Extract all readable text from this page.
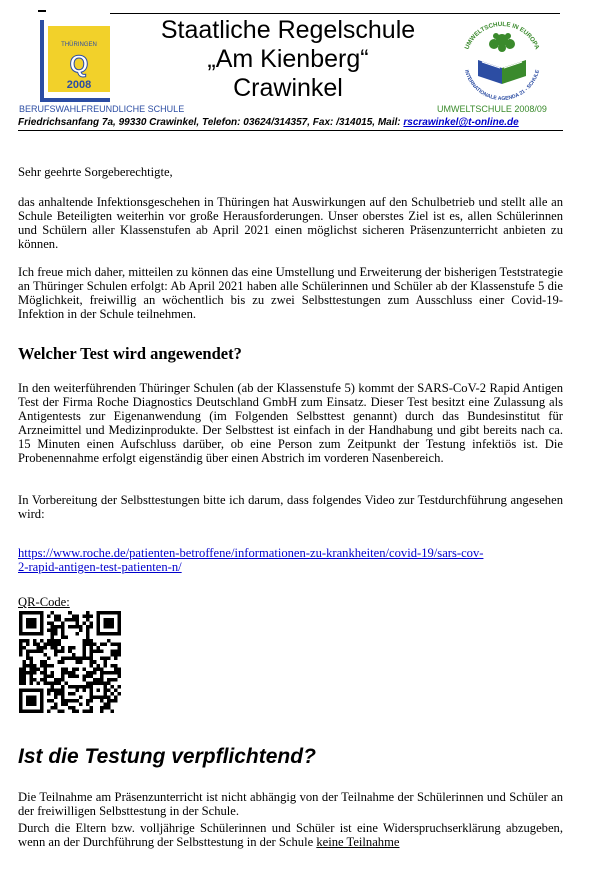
THÜRINGEN
Q
2008
Staatliche Regelschule
„Am Kienberg“
Crawinkel
UMWELTSCHULE IN EUROPA
INTERNATIONALE AGENDA 21 - SCHULE
BERUFSWAHLFREUNDLICHE SCHULE	UMWELTSCHULE 2008/09
Friedrichsanfang 7a, 99330 Crawinkel, Telefon: 03624/314357, Fax: /314015, Mail: rscrawinkel@t-online.de
Sehr geehrte Sorgeberechtigte,
das anhaltende Infektionsgeschehen in Thüringen hat Auswirkungen auf den Schulbetrieb und stellt alle an Schule Beteiligten weiterhin vor große Herausforderungen. Unser oberstes Ziel ist es, allen Schülerinnen und Schülern aller Klassenstufen ab April 2021 einen möglichst sicheren Präsenzunterricht anbieten zu können.
Ich freue mich daher, mitteilen zu können das eine Umstellung und Erweiterung der bisherigen Teststrategie an Thüringer Schulen erfolgt: Ab April 2021 haben alle Schülerinnen und Schüler ab der Klassenstufe 5 die Möglichkeit, freiwillig an wöchentlich bis zu zwei Selbsttestungen zum Ausschluss einer Covid-19-Infektion in der Schule teilnehmen.
Welcher Test wird angewendet?
In den weiterführenden Thüringer Schulen (ab der Klassenstufe 5) kommt der SARS-CoV-2 Rapid Antigen Test der Firma Roche Diagnostics Deutschland GmbH zum Einsatz. Dieser Test besitzt eine Zulassung als Antigentests zur Eigenanwendung (im Folgenden Selbsttest genannt) durch das Bundesinstitut für Arzneimittel und Medizinprodukte. Der Selbsttest ist einfach in der Handhabung und gibt bereits nach ca. 15 Minuten einen Aufschluss darüber, ob eine Person zum Zeitpunkt der Testung infektiös ist. Die Probenennahme erfolgt eigenständig über einen Abstrich im vorderen Nasenbereich.
In Vorbereitung der Selbsttestungen bitte ich darum, dass folgendes Video zur Testdurchführung angesehen wird:
https://www.roche.de/patienten-betroffene/informationen-zu-krankheiten/covid-19/sars-cov-
2-rapid-antigen-test-patienten-n/
QR-Code:
Ist die Testung verpflichtend?
Die Teilnahme am Präsenzunterricht ist nicht abhängig von der Teilnahme der Schülerinnen und Schüler an der freiwilligen Selbsttestung in der Schule.
Durch die Eltern bzw. volljährige Schülerinnen und Schüler ist eine Widerspruchserklärung abzugeben, wenn an der Durchführung der Selbsttestung in der Schule keine Teilnahme
